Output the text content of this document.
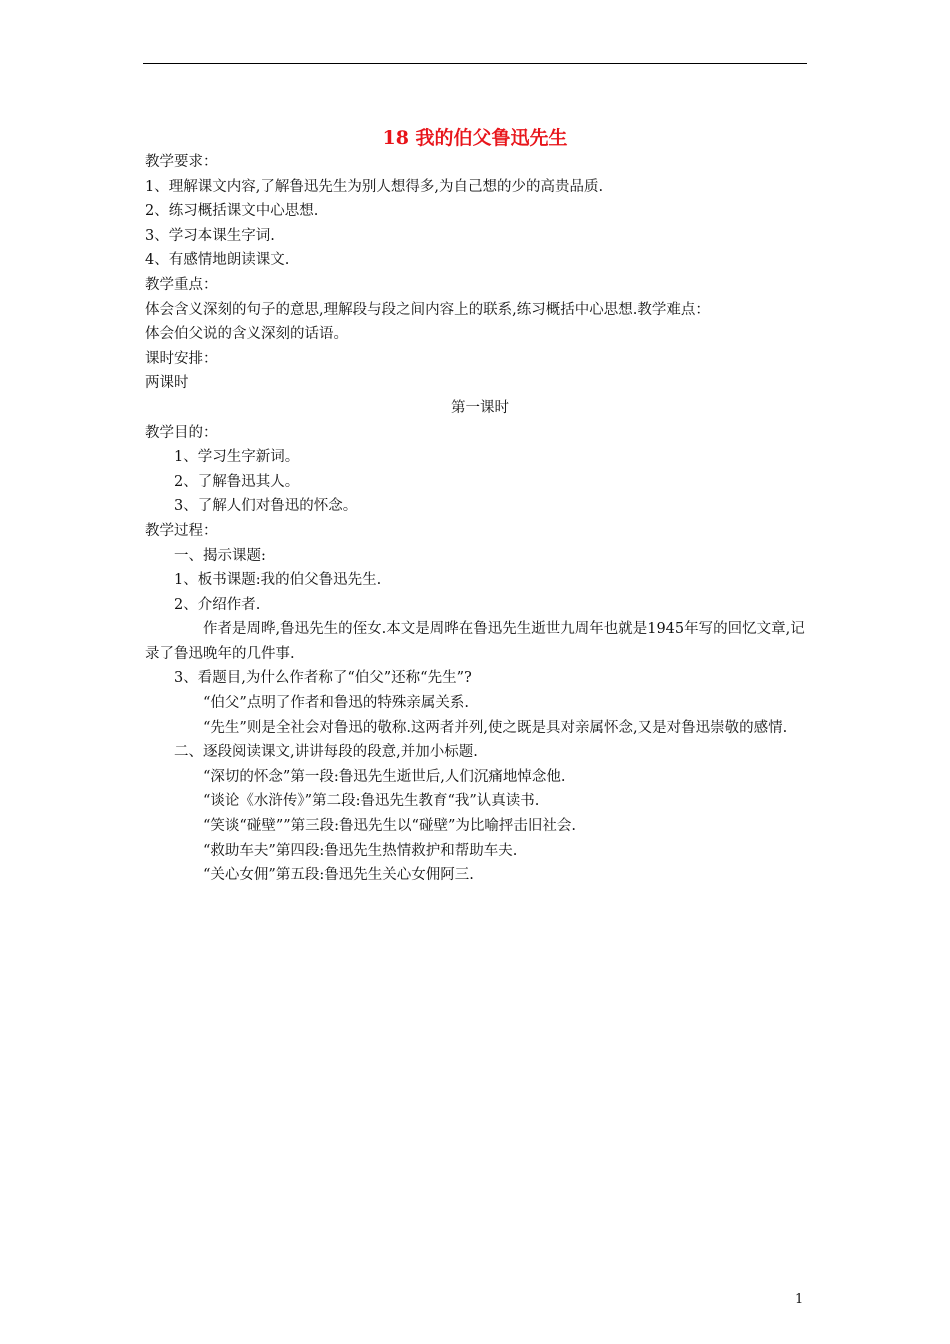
18 我的伯父鲁迅先生
教学要求：
1、理解课文内容,了解鲁迅先生为别人想得多,为自己想的少的高贵品质.
2、练习概括课文中心思想.
3、学习本课生字词.
4、有感情地朗读课文.
教学重点：
体会含义深刻的句子的意思,理解段与段之间内容上的联系,练习概括中心思想.教学难点：
体会伯父说的含义深刻的话语。
课时安排：
两课时
第一课时
教学目的：
1、学习生字新词。
2、了解鲁迅其人。
3、了解人们对鲁迅的怀念。
教学过程：
一、揭示课题:
1、板书课题:我的伯父鲁迅先生.
2、介绍作者.
作者是周晔,鲁迅先生的侄女.本文是周晔在鲁迅先生逝世九周年也就是1945年写的回忆文章,记录了鲁迅晚年的几件事.
3、看题目,为什么作者称了“伯父”还称“先生”?
“伯父”点明了作者和鲁迅的特殊亲属关系.
“先生”则是全社会对鲁迅的敬称.这两者并列,使之既是具对亲属怀念,又是对鲁迅崇敬的感情.
二、逐段阅读课文,讲讲每段的段意,并加小标题.
“深切的怀念”第一段:鲁迅先生逝世后,人们沉痛地悼念他.
“谈论《水浒传》”第二段:鲁迅先生教育“我”认真读书.
“笑谈“碰壁””第三段:鲁迅先生以“碰壁”为比喻抨击旧社会.
“救助车夫”第四段:鲁迅先生热情救护和帮助车夫.
“关心女佣”第五段:鲁迅先生关心女佣阿三.
1
